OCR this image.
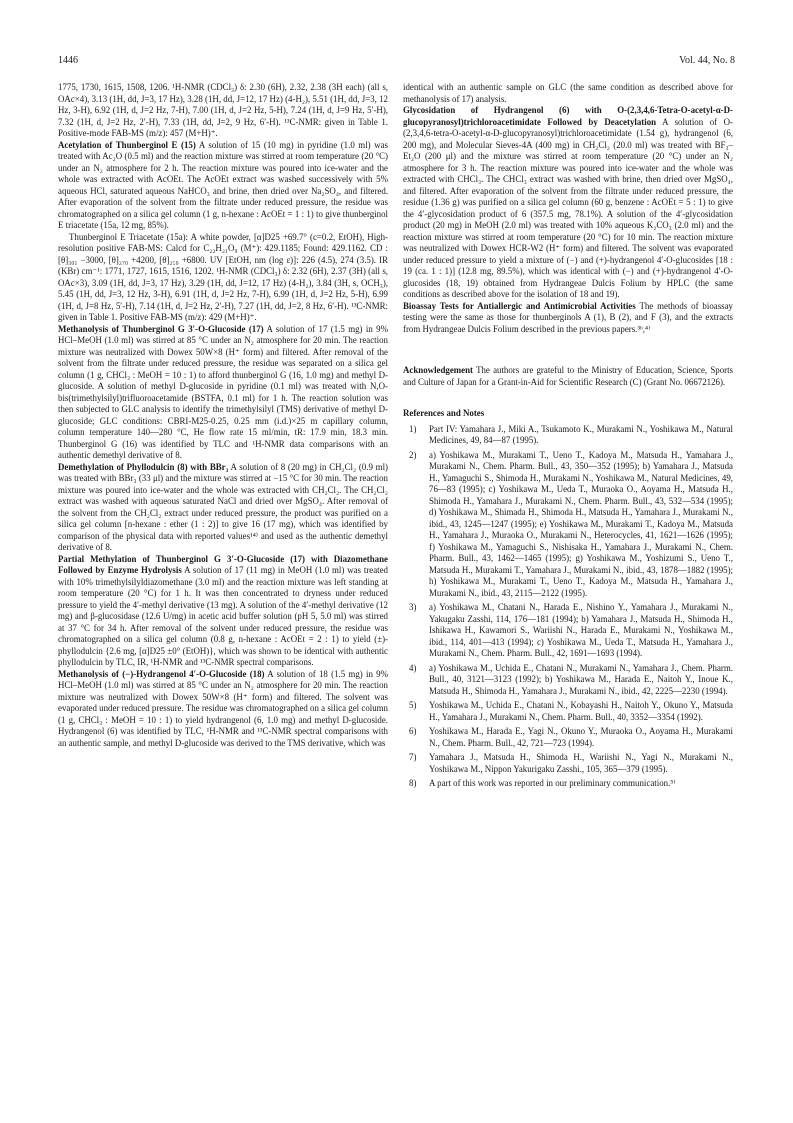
1446	Vol. 44, No. 8

1775, 1730, 1615, 1508, 1206. ¹H-NMR (CDCl₃) δ: 2.30 (6H), 2.32, 2.38 (3H each) (all s, OAc×4), 3.13 (1H, dd, J=3, 17 Hz), 3.28 (1H, dd, J=12, 17 Hz) (4-H₂), 5.51 (1H, dd, J=3, 12 Hz, 3-H), 6.92 (1H, d, J=2 Hz, 7-H), 7.00 (1H, d, J=2 Hz, 5-H), 7.24 (1H, d, J=9 Hz, 5′-H), 7.32 (1H, d, J=2 Hz, 2′-H), 7.33 (1H, dd, J=2, 9 Hz, 6′-H). ¹³C-NMR: given in Table 1. Positive-mode FAB-MS (m/z): 457 (M+H)⁺.

Acetylation of Thunberginol E (15) A solution of 15 (10 mg) in pyridine (1.0 ml) was treated with Ac₂O (0.5 ml) and the reaction mixture was stirred at room temperature (20 °C) under an N₂ atmosphere for 2 h. The reaction mixture was poured into ice-water and the whole was extracted with AcOEt. The AcOEt extract was washed successively with 5% aqueous HCl, saturated aqueous NaHCO₃ and brine, then dried over Na₂SO₄, and filtered. After evaporation of the solvent from the filtrate under reduced pressure, the residue was chromatographed on a silica gel column (1 g, n-hexane : AcOEt = 1 : 1) to give thunberginol E triacetate (15a, 12 mg, 85%).

Thunberginol E Triacetate (15a): A white powder, [α]D25 +69.7° (c=0.2, EtOH), High-resolution positive FAB-MS: Calcd for C₂₂H₂₁O₉ (M⁺): 429.1185; Found: 429.1162. CD : [θ]₃₀₁ −3000, [θ]₂₇₀ +4200, [θ]₂₅₀ +6800. UV [EtOH, nm (log ε)]: 226 (4.5), 274 (3.5). IR (KBr) cm⁻¹: 1771, 1727, 1615, 1516, 1202. ¹H-NMR (CDCl₃) δ: 2.32 (6H), 2.37 (3H) (all s, OAc×3), 3.09 (1H, dd, J=3, 17 Hz), 3.29 (1H, dd, J=12, 17 Hz) (4-H₂), 3.84 (3H, s, OCH₃), 5.45 (1H, dd, J=3, 12 Hz, 3-H), 6.91 (1H, d, J=2 Hz, 7-H), 6.99 (1H, d, J=2 Hz, 5-H), 6.99 (1H, d, J=8 Hz, 5′-H), 7.14 (1H, d, J=2 Hz, 2′-H), 7.27 (1H, dd, J=2, 8 Hz, 6′-H). ¹³C-NMR: given in Table 1. Positive FAB-MS (m/z): 429 (M+H)⁺.

Methanolysis of Thunberginol G 3′-O-Glucoside (17) A solution of 17 (1.5 mg) in 9% HCl–MeOH (1.0 ml) was stirred at 85 °C under an N₂ atmosphere for 20 min. The reaction mixture was neutralized with Dowex 50W×8 (H⁺ form) and filtered. After removal of the solvent from the filtrate under reduced pressure, the residue was separated on a silica gel column (1 g, CHCl₃ : MeOH = 10 : 1) to afford thunberginol G (16, 1.0 mg) and methyl D-glucoside. A solution of methyl D-glucoside in pyridine (0.1 ml) was treated with N,O-bis(trimethylsilyl)trifluoroacetamide (BSTFA, 0.1 ml) for 1 h. The reaction solution was then subjected to GLC analysis to identify the trimethylsilyl (TMS) derivative of methyl D-glucoside; GLC conditions: CBRI-M25-0.25, 0.25 mm (i.d.)×25 m capillary column, column temperature 140—280 °C, He flow rate 15 ml/min, tR: 17.9 min, 18.3 min. Thunberginol G (16) was identified by TLC and ¹H-NMR data comparisons with an authentic demethyl derivative of 8.

Demethylation of Phyllodulcin (8) with BBr₃ A solution of 8 (20 mg) in CH₂Cl₂ (0.9 ml) was treated with BBr₃ (33 μl) and the mixture was stirred at −15 °C for 30 min. The reaction mixture was poured into ice-water and the whole was extracted with CH₂Cl₂. The CH₂Cl₂ extract was washed with aqueous saturated NaCl and dried over MgSO₄. After removal of the solvent from the CH₂Cl₂ extract under reduced pressure, the product was purified on a silica gel column [n-hexane : ether (1 : 2)] to give 16 (17 mg), which was identified by comparison of the physical data with reported values¹⁴⁾ and used as the authentic demethyl derivative of 8.

Partial Methylation of Thunberginol G 3′-O-Glucoside (17) with Diazomethane Followed by Enzyme Hydrolysis A solution of 17 (11 mg) in MeOH (1.0 ml) was treated with 10% trimethylsilyldiazomethane (3.0 ml) and the reaction mixture was left standing at room temperature (20 °C) for 1 h. It was then concentrated to dryness under reduced pressure to yield the 4′-methyl derivative (13 mg). A solution of the 4′-methyl derivative (12 mg) and β-glucosidase (12.6 U/mg) in acetic acid buffer solution (pH 5, 5.0 ml) was stirred at 37 °C for 34 h. After removal of the solvent under reduced pressure, the residue was chromatographed on a silica gel column (0.8 g, n-hexane : AcOEt = 2 : 1) to yield (±)-phyllodulcin {2.6 mg, [α]D25 ±0° (EtOH)}, which was shown to be identical with authentic phyllodulcin by TLC, IR, ¹H-NMR and ¹³C-NMR spectral comparisons.

Methanolysis of (−)-Hydrangenol 4′-O-Glucoside (18) A solution of 18 (1.5 mg) in 9% HCl–MeOH (1.0 ml) was stirred at 85 °C under an N₂ atmosphere for 20 min. The reaction mixture was neutralized with Dowex 50W×8 (H⁺ form) and filtered. The solvent was evaporated under reduced pressure. The residue was chromatographed on a silica gel column (1 g, CHCl₃ : MeOH = 10 : 1) to yield hydrangenol (6, 1.0 mg) and methyl D-glucoside. Hydrangenol (6) was identified by TLC, ¹H-NMR and ¹³C-NMR spectral comparisons with an authentic sample, and methyl D-glucoside was derived to the TMS derivative, which was

identical with an authentic sample on GLC (the same condition as described above for methanolysis of 17) analysis.

Glycosidation of Hydrangenol (6) with O-(2,3,4,6-Tetra-O-acetyl-α-D-glucopyranosyl)trichloroacetimidate Followed by Deacetylation A solution of O-(2,3,4,6-tetra-O-acetyl-α-D-glucopyranosyl)trichloroacetimidate (1.54 g), hydrangenol (6, 200 mg), and Molecular Sieves-4A (400 mg) in CH₂Cl₂ (20.0 ml) was treated with BF₃–Et₂O (200 μl) and the mixture was stirred at room temperature (20 °C) under an N₂ atmosphere for 3 h. The reaction mixture was poured into ice-water and the whole was extracted with CHCl₃. The CHCl₃ extract was washed with brine, then dried over MgSO₄, and filtered. After evaporation of the solvent from the filtrate under reduced pressure, the residue (1.36 g) was purified on a silica gel column (60 g, benzene : AcOEt = 5 : 1) to give the 4′-glycosidation product of 6 (357.5 mg, 78.1%). A solution of the 4′-glycosidation product (20 mg) in MeOH (2.0 ml) was treated with 10% aqueous K₂CO₃ (2.0 ml) and the reaction mixture was stirred at room temperature (20 °C) for 10 min. The reaction mixture was neutralized with Dowex HCR-W2 (H⁺ form) and filtered. The solvent was evaporated under reduced pressure to yield a mixture of (−) and (+)-hydrangenol 4′-O-glucosides [18 : 19 (ca. 1 : 1)] (12.8 mg, 89.5%), which was identical with (−) and (+)-hydrangenol 4′-O-glucosides (18, 19) obtained from Hydrangeae Dulcis Folium by HPLC (the same conditions as described above for the isolation of 18 and 19).

Bioassay Tests for Antiallergic and Antimicrobial Activities The methods of bioassay testing were the same as those for thunberginols A (1), B (2), and F (3), and the extracts from Hydrangeae Dulcis Folium described in the previous papers.³ᵇ,⁴⁾

Acknowledgement The authors are grateful to the Ministry of Education, Science, Sports and Culture of Japan for a Grant-in-Aid for Scientific Research (C) (Grant No. 06672126).

References and Notes
1) Part IV: Yamahara J., Miki A., Tsukamoto K., Murakami N., Yoshikawa M., Natural Medicines, 49, 84—87 (1995).
2) a) Yoshikawa M., Murakami T., Ueno T., Kadoya M., Matsuda H., Yamahara J., Murakami N., Chem. Pharm. Bull., 43, 350—352 (1995); b) Yamahara J., Matsuda H., Yamaguchi S., Shimoda H., Murakami N., Yoshikawa M., Natural Medicines, 49, 76—83 (1995); c) Yoshikawa M., Ueda T., Muraoka O., Aoyama H., Matsuda H., Shimoda H., Yamahara J., Murakami N., Chem. Pharm. Bull., 43, 532—534 (1995); d) Yoshikawa M., Shimada H., Shimoda H., Matsuda H., Yamahara J., Murakami N., ibid., 43, 1245—1247 (1995); e) Yoshikawa M., Murakami T., Kadoya M., Matsuda H., Yamahara J., Muraoka O., Murakami N., Heterocycles, 41, 1621—1626 (1995); f) Yoshikawa M., Yamaguchi S., Nishisaka H., Yamahara J., Murakami N., Chem. Pharm. Bull., 43, 1462—1465 (1995); g) Yoshikawa M., Yoshizumi S., Ueno T., Matsuda H., Murakami T., Yamahara J., Murakami N., ibid., 43, 1878—1882 (1995); h) Yoshikawa M., Murakami T., Ueno T., Kadoya M., Matsuda H., Yamahara J., Murakami N., ibid., 43, 2115—2122 (1995).
3) a) Yoshikawa M., Chatani N., Harada E., Nishino Y., Yamahara J., Murakami N., Yakugaku Zasshi, 114, 176—181 (1994); b) Yamahara J., Matsuda H., Shimoda H., Ishikawa H., Kawamori S., Wariishi N., Harada E., Murakami N., Yoshikawa M., ibid., 114, 401—413 (1994); c) Yoshikawa M., Ueda T., Matsuda H., Yamahara J., Murakami N., Chem. Pharm. Bull., 42, 1691—1693 (1994).
4) a) Yoshikawa M., Uchida E., Chatani N., Murakami N., Yamahara J., Chem. Pharm. Bull., 40, 3121—3123 (1992); b) Yoshikawa M., Harada E., Naitoh Y., Inoue K., Matsuda H., Shimoda H., Yamahara J., Murakami N., ibid., 42, 2225—2230 (1994).
5) Yoshikawa M., Uchida E., Chatani N., Kobayashi H., Naitoh Y., Okuno Y., Matsuda H., Yamahara J., Murakami N., Chem. Pharm. Bull., 40, 3352—3354 (1992).
6) Yoshikawa M., Harada E., Yagi N., Okuno Y., Muraoka O., Aoyama H., Murakami N., Chem. Pharm. Bull., 42, 721—723 (1994).
7) Yamahara J., Matsuda H., Shimoda H., Wariishi N., Yagi N., Murakami N., Yoshikawa M., Nippon Yakurigaku Zasshi., 105, 365—379 (1995).
8) A part of this work was reported in our preliminary communication.⁵⁾
